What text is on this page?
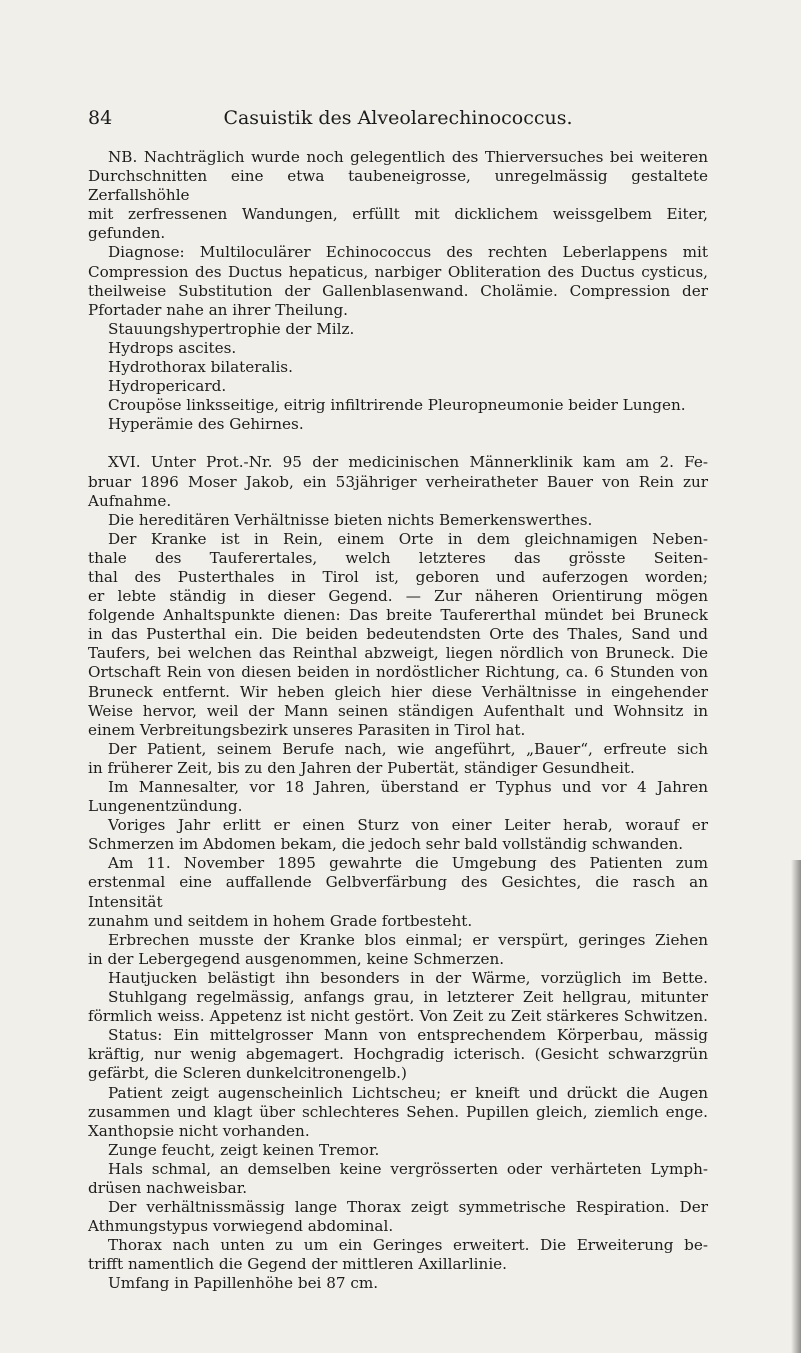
84	Casuistik des Alveolarechinococcus.
NB. Nachträglich wurde noch gelegentlich des Thierversuches bei weiteren
Durchschnitten eine etwa taubeneigrosse, unregelmässig gestaltete Zerfallshöhle
mit zerfressenen Wandungen, erfüllt mit dicklichem weissgelbem Eiter, gefunden.
Diagnose: Multiloculärer Echinococcus des rechten Leberlappens mit
Compression des Ductus hepaticus, narbiger Obliteration des Ductus cysticus,
theilweise Substitution der Gallenblasenwand. Cholämie. Compression der
Pfortader nahe an ihrer Theilung.
Stauungshypertrophie der Milz.
Hydrops ascites.
Hydrothorax bilateralis.
Hydropericard.
Croupöse linksseitige, eitrig infiltrirende Pleuropneumonie beider Lungen.
Hyperämie des Gehirnes.
XVI. Unter Prot.-Nr. 95 der medicinischen Männerklinik kam am 2. Fe-
bruar 1896 Moser Jakob, ein 53jähriger verheiratheter Bauer von Rein zur
Aufnahme.
Die hereditären Verhältnisse bieten nichts Bemerkenswerthes.
Der Kranke ist in Rein, einem Orte in dem gleichnamigen Neben-
thale des Tauferertales, welch letzteres das grösste Seiten-
thal des Pusterthales in Tirol ist, geboren und auferzogen worden;
er lebte ständig in dieser Gegend. — Zur näheren Orientirung mögen
folgende Anhaltspunkte dienen: Das breite Taufererthal mündet bei Bruneck
in das Pusterthal ein. Die beiden bedeutendsten Orte des Thales, Sand und
Taufers, bei welchen das Reinthal abzweigt, liegen nördlich von Bruneck. Die
Ortschaft Rein von diesen beiden in nordöstlicher Richtung, ca. 6 Stunden von
Bruneck entfernt. Wir heben gleich hier diese Verhältnisse in eingehender
Weise hervor, weil der Mann seinen ständigen Aufenthalt und Wohnsitz in
einem Verbreitungsbezirk unseres Parasiten in Tirol hat.
Der Patient, seinem Berufe nach, wie angeführt, „Bauer“, erfreute sich
in früherer Zeit, bis zu den Jahren der Pubertät, ständiger Gesundheit.
Im Mannesalter, vor 18 Jahren, überstand er Typhus und vor 4 Jahren
Lungenentzündung.
Voriges Jahr erlitt er einen Sturz von einer Leiter herab, worauf er
Schmerzen im Abdomen bekam, die jedoch sehr bald vollständig schwanden.
Am 11. November 1895 gewahrte die Umgebung des Patienten zum
erstenmal eine auffallende Gelbverfärbung des Gesichtes, die rasch an Intensität
zunahm und seitdem in hohem Grade fortbesteht.
Erbrechen musste der Kranke blos einmal; er verspürt, geringes Ziehen
in der Lebergegend ausgenommen, keine Schmerzen.
Hautjucken belästigt ihn besonders in der Wärme, vorzüglich im Bette.
Stuhlgang regelmässig, anfangs grau, in letzterer Zeit hellgrau, mitunter
förmlich weiss. Appetenz ist nicht gestört. Von Zeit zu Zeit stärkeres Schwitzen.
Status: Ein mittelgrosser Mann von entsprechendem Körperbau, mässig
kräftig, nur wenig abgemagert. Hochgradig icterisch. (Gesicht schwarzgrün
gefärbt, die Scleren dunkelcitronengelb.)
Patient zeigt augenscheinlich Lichtscheu; er kneift und drückt die Augen
zusammen und klagt über schlechteres Sehen. Pupillen gleich, ziemlich enge.
Xanthopsie nicht vorhanden.
Zunge feucht, zeigt keinen Tremor.
Hals schmal, an demselben keine vergrösserten oder verhärteten Lymph-
drüsen nachweisbar.
Der verhältnissmässig lange Thorax zeigt symmetrische Respiration. Der
Athmungstypus vorwiegend abdominal.
Thorax nach unten zu um ein Geringes erweitert. Die Erweiterung be-
trifft namentlich die Gegend der mittleren Axillarlinie.
Umfang in Papillenhöhe bei 87 cm.
